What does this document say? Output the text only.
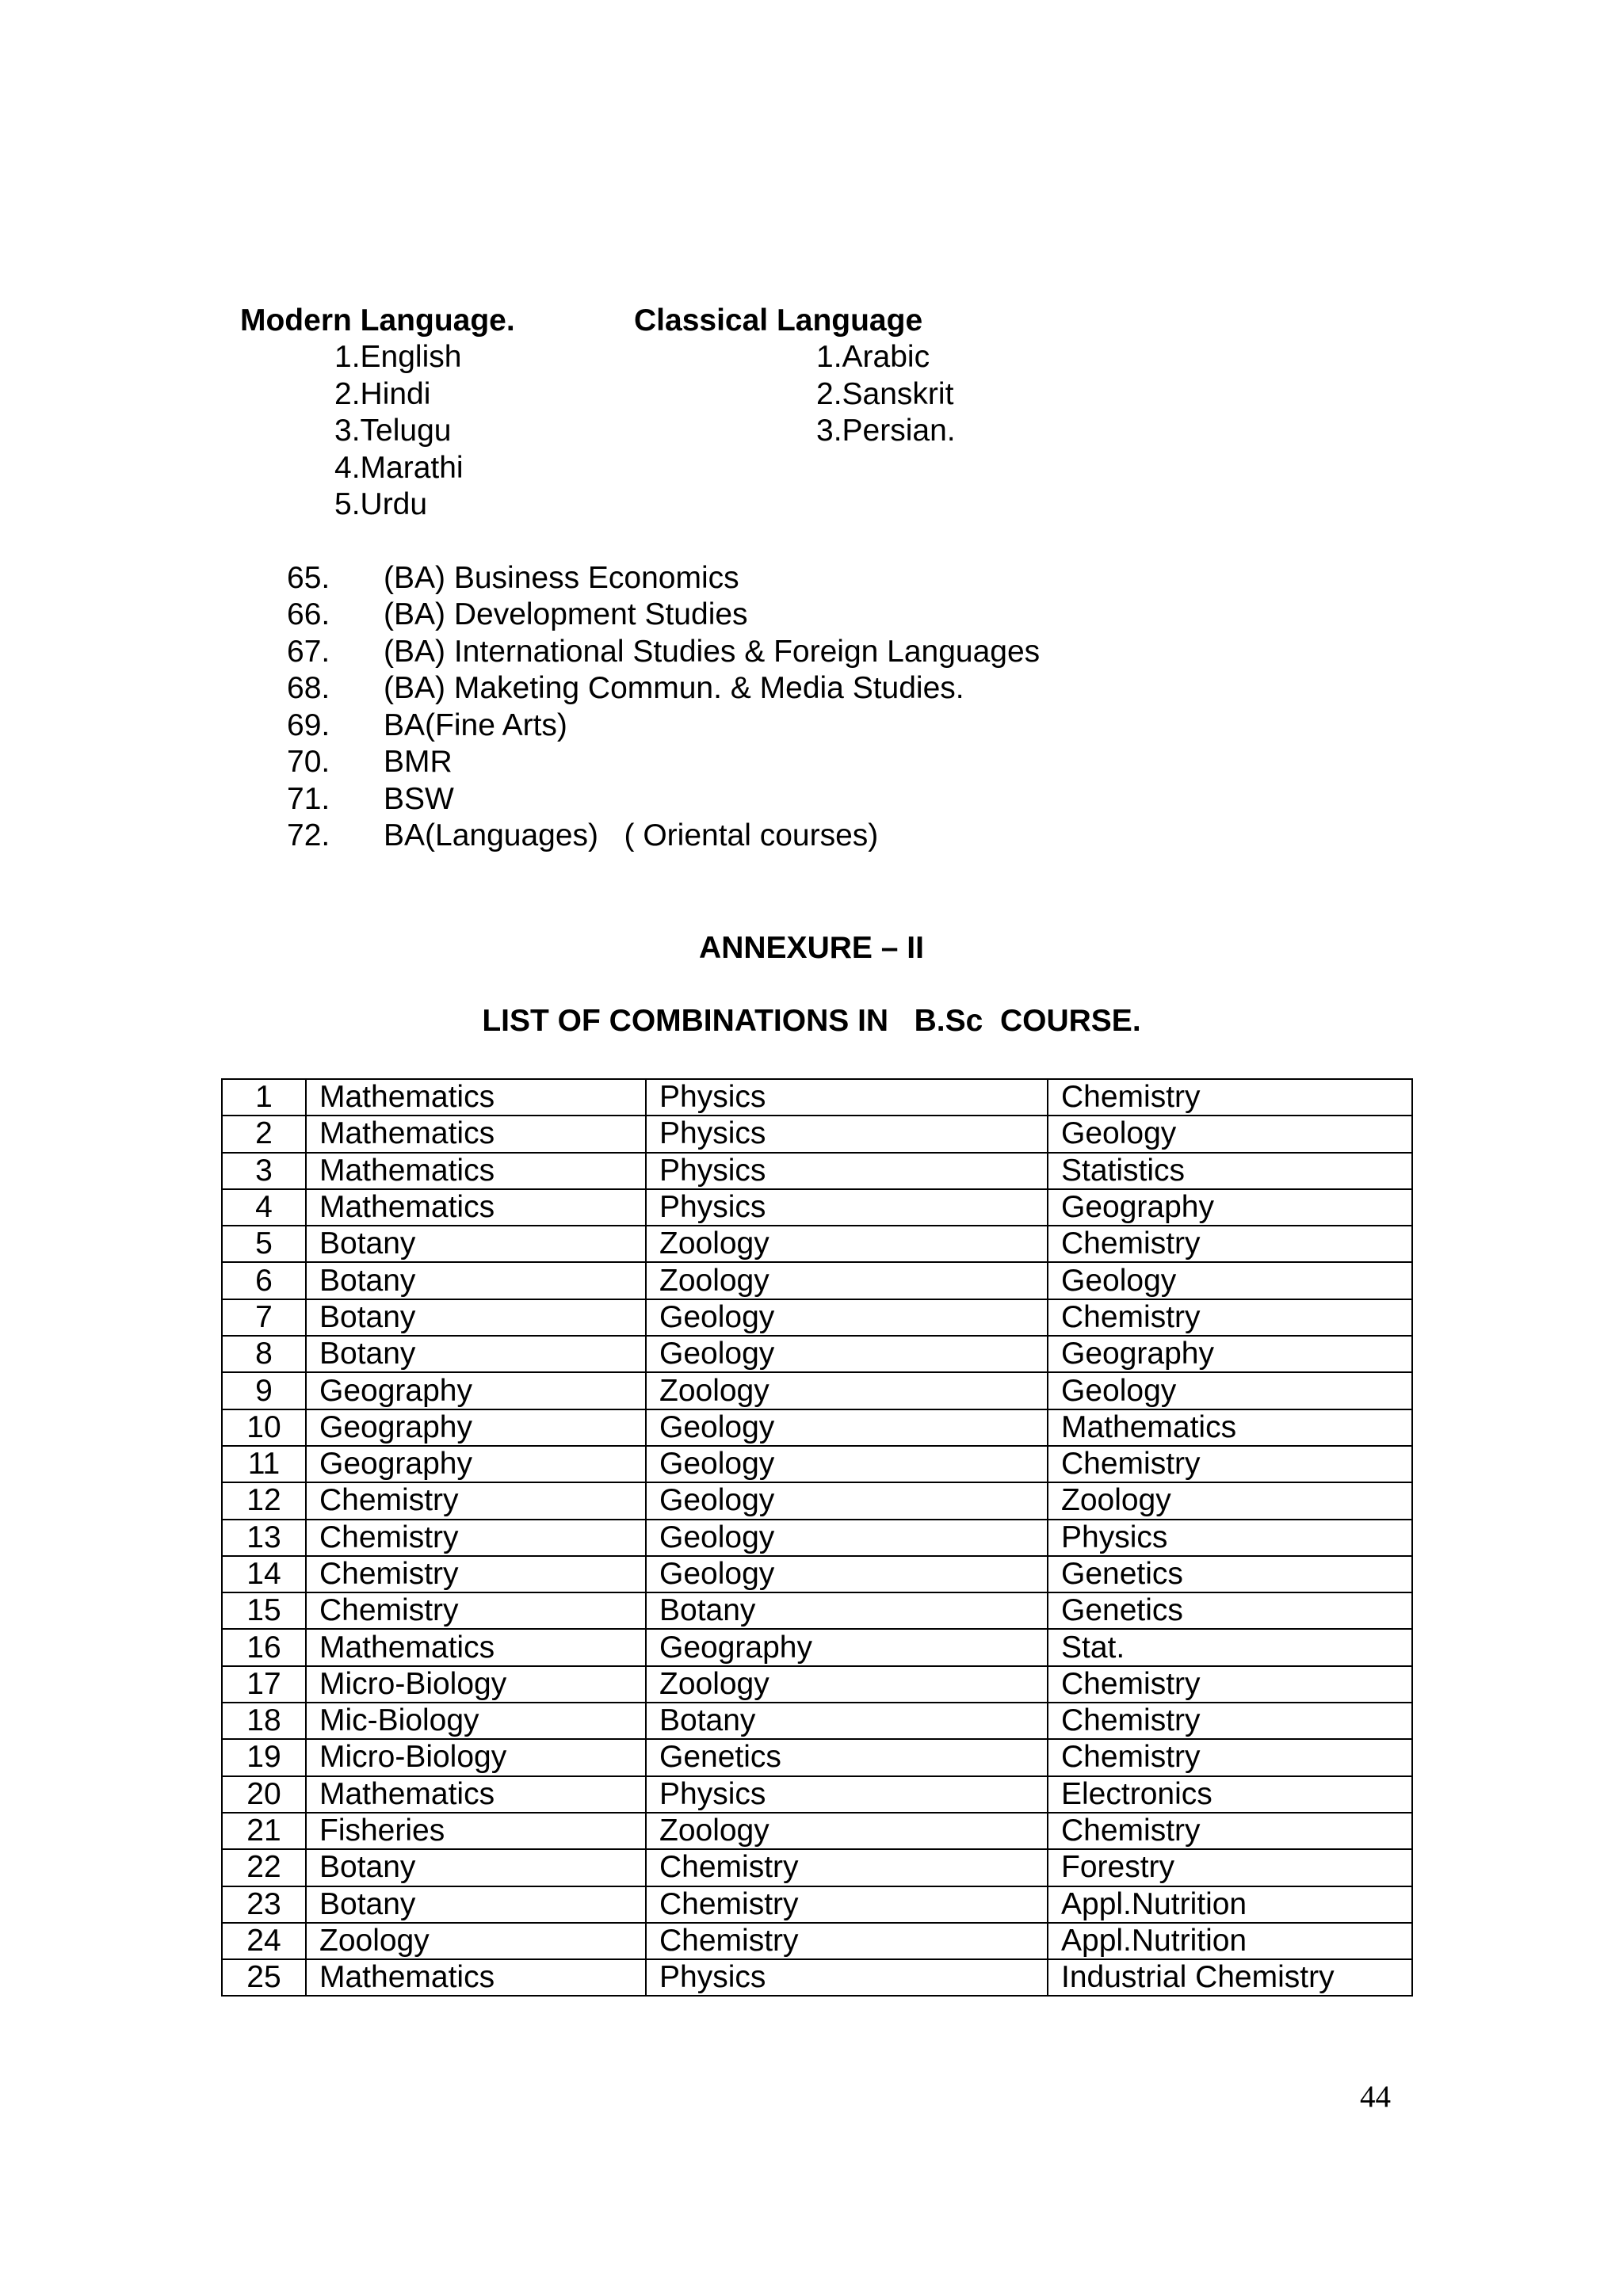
Modern Language.	Classical Language
1.English
2.Hindi
3.Telugu
4.Marathi
5.Urdu
1.Arabic
2.Sanskrit
3.Persian.
65. (BA) Business Economics
66. (BA) Development Studies
67. (BA) International Studies & Foreign Languages
68. (BA) Maketing Commun. & Media Studies.
69. BA(Fine Arts)
70. BMR
71. BSW
72. BA(Languages)   ( Oriental courses)
ANNEXURE – II
LIST OF COMBINATIONS IN   B.Sc  COURSE.
1	Mathematics	Physics	Chemistry
2	Mathematics	Physics	Geology
3	Mathematics	Physics	Statistics
4	Mathematics	Physics	Geography
5	Botany	Zoology	Chemistry
6	Botany	Zoology	Geology
7	Botany	Geology	Chemistry
8	Botany	Geology	Geography
9	Geography	Zoology	Geology
10	Geography	Geology	Mathematics
11	Geography	Geology	Chemistry
12	Chemistry	Geology	Zoology
13	Chemistry	Geology	Physics
14	Chemistry	Geology	Genetics
15	Chemistry	Botany	Genetics
16	Mathematics	Geography	Stat.
17	Micro-Biology	Zoology	Chemistry
18	Mic-Biology	Botany	Chemistry
19	Micro-Biology	Genetics	Chemistry
20	Mathematics	Physics	Electronics
21	Fisheries	Zoology	Chemistry
22	Botany	Chemistry	Forestry
23	Botany	Chemistry	Appl.Nutrition
24	Zoology	Chemistry	Appl.Nutrition
25	Mathematics	Physics	Industrial Chemistry
44
